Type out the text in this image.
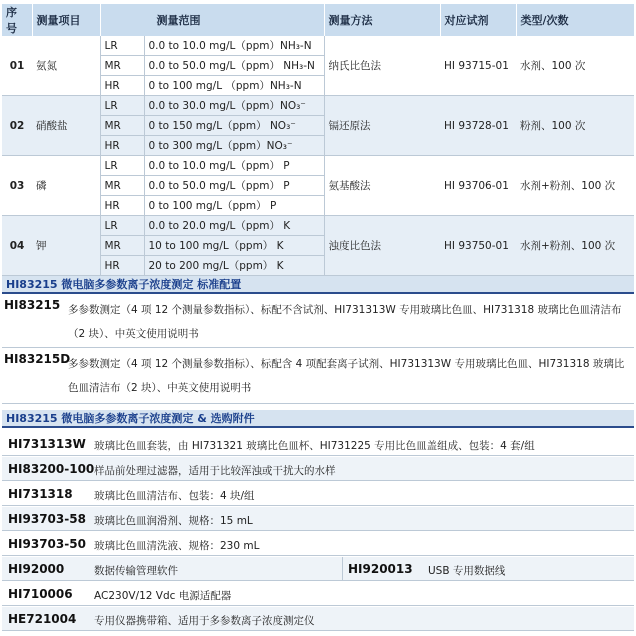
序号	测量项目	测量范围		测量方法	对应试剂	类型/次数
01	氨氮	LR	0.0 to 10.0 mg/L（ppm）NH₃-N	纳氏比色法	HI 93715-01	水剂、100 次
		MR	0.0 to 50.0 mg/L（ppm） NH₃-N			
		HR	0 to 100 mg/L （ppm）NH₃-N			
02	硝酸盐	LR	0.0 to 30.0 mg/L（ppm）NO₃⁻	镉还原法	HI 93728-01	粉剂、100 次
		MR	0 to 150 mg/L（ppm） NO₃⁻			
		HR	0 to 300 mg/L（ppm）NO₃⁻			
03	磷	LR	0.0 to 10.0 mg/L（ppm） P	氨基酸法	HI 93706-01	水剂+粉剂、100 次
		MR	0.0 to 50.0 mg/L（ppm） P			
		HR	0 to 100 mg/L（ppm） P			
04	钾	LR	0.0 to 20.0 mg/L（ppm） K	浊度比色法	HI 93750-01	水剂+粉剂、100 次
		MR	10 to 100 mg/L（ppm） K			
		HR	20 to 200 mg/L（ppm） K			
HI83215 微电脑多参数离子浓度测定 标准配置
HI83215 多参数测定（4 项 12 个测量参数指标）、标配不含试剂、HI731313W 专用玻璃比色皿、HI731318 玻璃比色皿清洁布（2 块）、中英文使用说明书
HI83215D
多参数测定（4 项 12 个测量参数指标）、标配含 4 项配套离子试剂、HI731313W 专用玻璃比色皿、HI731318 玻璃比色皿清洁布（2 块）、中英文使用说明书
HI83215 微电脑多参数离子浓度测定 & 选购附件
HI731313W 玻璃比色皿套装，由 HI731321 玻璃比色皿杯、HI731225 专用比色皿盖组成、包装：4 套/组
HI83200-100 样品前处理过滤器，适用于比较浑浊或干扰大的水样
HI731318 玻璃比色皿清洁布、包装：4 块/组
HI93703-58 玻璃比色皿润滑剂、规格：15 mL
HI93703-50 玻璃比色皿清洗液、规格：230 mL
HI92000	数据传输管理软件	HI920013 USB 专用数据线
HI710006 AC230V/12 Vdc 电源适配器
HE721004 专用仪器携带箱、适用于多参数离子浓度测定仪
